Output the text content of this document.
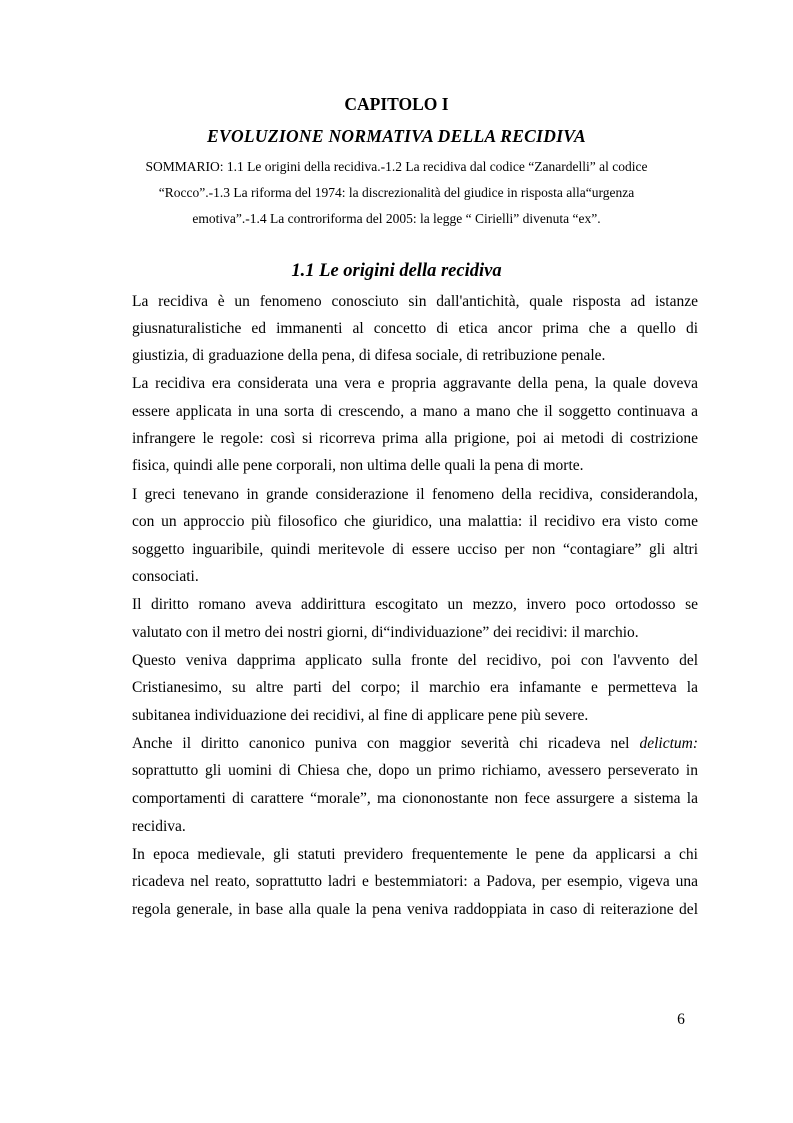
CAPITOLO I
EVOLUZIONE NORMATIVA DELLA RECIDIVA
SOMMARIO: 1.1 Le origini della recidiva.-1.2 La recidiva dal codice “Zanardelli” al codice
“Rocco”.-1.3 La riforma del 1974: la discrezionalità del giudice in risposta alla“urgenza
emotiva”.-1.4 La controriforma del 2005: la legge “ Cirielli” divenuta “ex”.
1.1 Le origini della recidiva
La recidiva è un fenomeno conosciuto sin dall'antichità, quale risposta ad istanze
giusnaturalistiche ed immanenti al concetto di etica ancor prima che a quello di
giustizia, di graduazione della pena, di difesa sociale, di retribuzione penale.
La recidiva era considerata una vera e propria aggravante della pena, la quale doveva
essere applicata in una sorta di crescendo, a mano a mano che il soggetto continuava a
infrangere le regole: così si ricorreva prima alla prigione, poi ai metodi di costrizione
fisica, quindi alle pene corporali, non ultima delle quali la pena di morte.
I greci tenevano in grande considerazione il fenomeno della recidiva, considerandola,
con un approccio più filosofico che giuridico, una malattia: il recidivo era visto come
soggetto inguaribile, quindi meritevole di essere ucciso per non “contagiare” gli altri
consociati.
Il diritto romano aveva addirittura escogitato un mezzo, invero poco ortodosso se
valutato con il metro dei nostri giorni, di“individuazione” dei recidivi: il marchio.
Questo veniva dapprima applicato sulla fronte del recidivo, poi con l'avvento del
Cristianesimo, su altre parti del corpo; il marchio era infamante e permetteva la
subitanea individuazione dei recidivi, al fine di applicare pene più severe.
Anche il diritto canonico puniva con maggior severità chi ricadeva nel delictum:
soprattutto gli uomini di Chiesa che, dopo un primo richiamo, avessero perseverato in
comportamenti di carattere “morale”, ma ciononostante non fece assurgere a sistema la
recidiva.
In epoca medievale, gli statuti previdero frequentemente le pene da applicarsi a chi
ricadeva nel reato, soprattutto ladri e bestemmiatori: a Padova, per esempio, vigeva una
regola generale, in base alla quale la pena veniva raddoppiata in caso di reiterazione del
6
